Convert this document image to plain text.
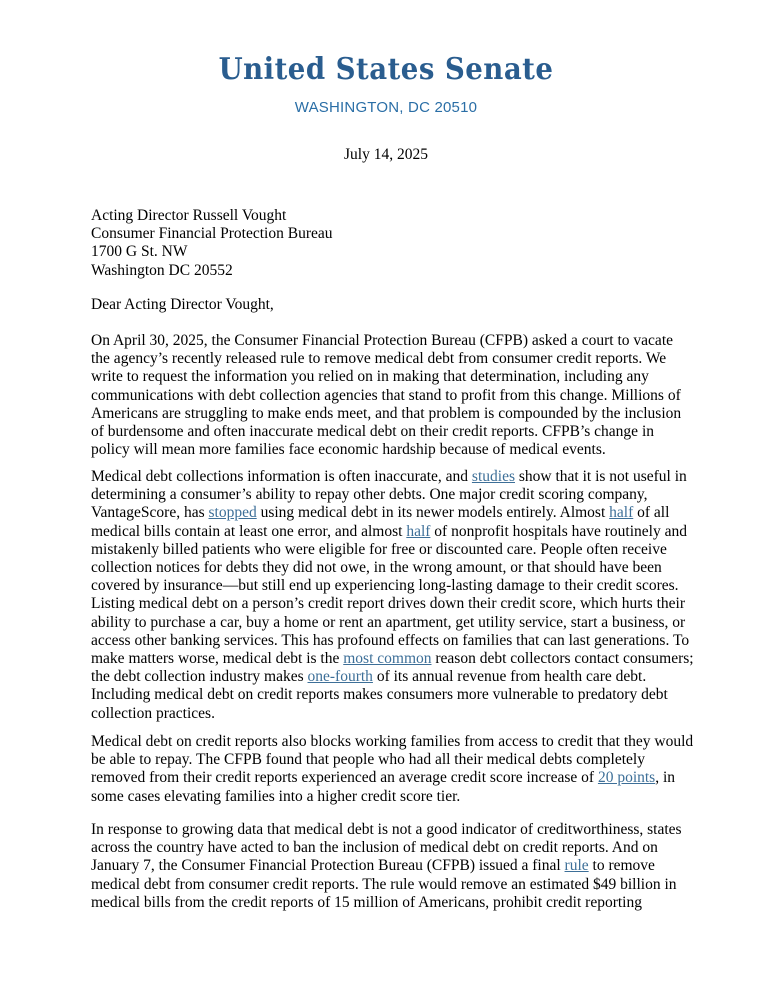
United States Senate
WASHINGTON, DC 20510
July 14, 2025
Acting Director Russell Vought
Consumer Financial Protection Bureau
1700 G St. NW
Washington DC 20552
Dear Acting Director Vought,
On April 30, 2025, the Consumer Financial Protection Bureau (CFPB) asked a court to vacate
the agency’s recently released rule to remove medical debt from consumer credit reports. We
write to request the information you relied on in making that determination, including any
communications with debt collection agencies that stand to profit from this change. Millions of
Americans are struggling to make ends meet, and that problem is compounded by the inclusion
of burdensome and often inaccurate medical debt on their credit reports. CFPB’s change in
policy will mean more families face economic hardship because of medical events.
Medical debt collections information is often inaccurate, and studies show that it is not useful in
determining a consumer’s ability to repay other debts. One major credit scoring company,
VantageScore, has stopped using medical debt in its newer models entirely. Almost half of all
medical bills contain at least one error, and almost half of nonprofit hospitals have routinely and
mistakenly billed patients who were eligible for free or discounted care. People often receive
collection notices for debts they did not owe, in the wrong amount, or that should have been
covered by insurance—but still end up experiencing long-lasting damage to their credit scores.
Listing medical debt on a person’s credit report drives down their credit score, which hurts their
ability to purchase a car, buy a home or rent an apartment, get utility service, start a business, or
access other banking services. This has profound effects on families that can last generations. To
make matters worse, medical debt is the most common reason debt collectors contact consumers;
the debt collection industry makes one-fourth of its annual revenue from health care debt.
Including medical debt on credit reports makes consumers more vulnerable to predatory debt
collection practices.
Medical debt on credit reports also blocks working families from access to credit that they would
be able to repay. The CFPB found that people who had all their medical debts completely
removed from their credit reports experienced an average credit score increase of 20 points, in
some cases elevating families into a higher credit score tier.
In response to growing data that medical debt is not a good indicator of creditworthiness, states
across the country have acted to ban the inclusion of medical debt on credit reports. And on
January 7, the Consumer Financial Protection Bureau (CFPB) issued a final rule to remove
medical debt from consumer credit reports. The rule would remove an estimated $49 billion in
medical bills from the credit reports of 15 million of Americans, prohibit credit reporting
